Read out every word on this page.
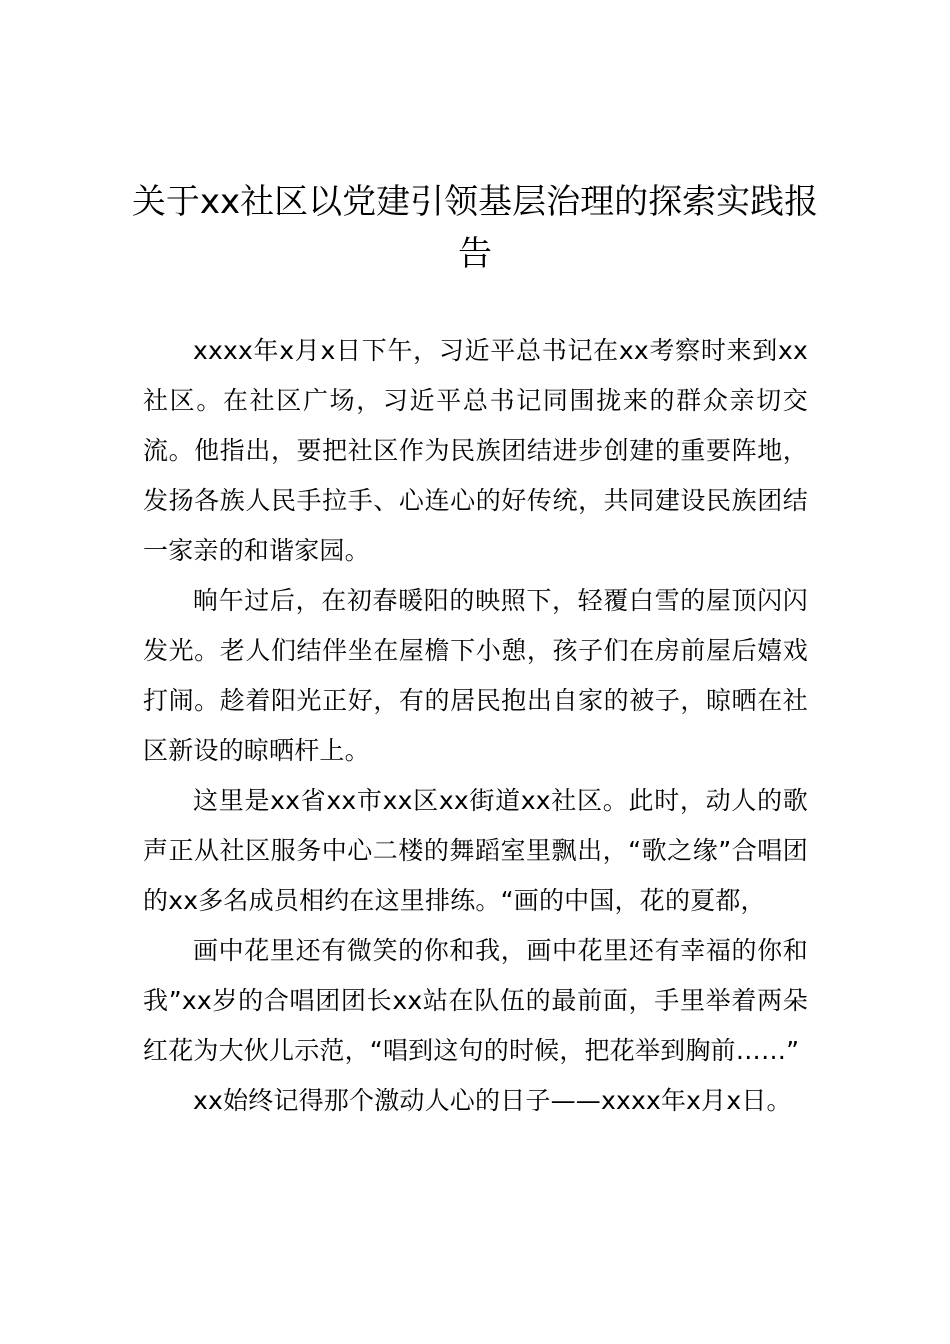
关于xx社区以党建引领基层治理的探索实践报告

xxxx年x月x日下午，习近平总书记在xx考察时来到xx社区。在社区广场，习近平总书记同围拢来的群众亲切交流。他指出，要把社区作为民族团结进步创建的重要阵地，发扬各族人民手拉手、心连心的好传统，共同建设民族团结一家亲的和谐家园。

晌午过后，在初春暖阳的映照下，轻覆白雪的屋顶闪闪发光。老人们结伴坐在屋檐下小憩，孩子们在房前屋后嬉戏打闹。趁着阳光正好，有的居民抱出自家的被子，晾晒在社区新设的晾晒杆上。

这里是xx省xx市xx区xx街道xx社区。此时，动人的歌声正从社区服务中心二楼的舞蹈室里飘出，“歌之缘”合唱团的xx多名成员相约在这里排练。“画的中国，花的夏都，

画中花里还有微笑的你和我，画中花里还有幸福的你和我”xx岁的合唱团团长xx站在队伍的最前面，手里举着两朵红花为大伙儿示范，“唱到这句的时候，把花举到胸前……”

xx始终记得那个激动人心的日子——xxxx年x月x日。
